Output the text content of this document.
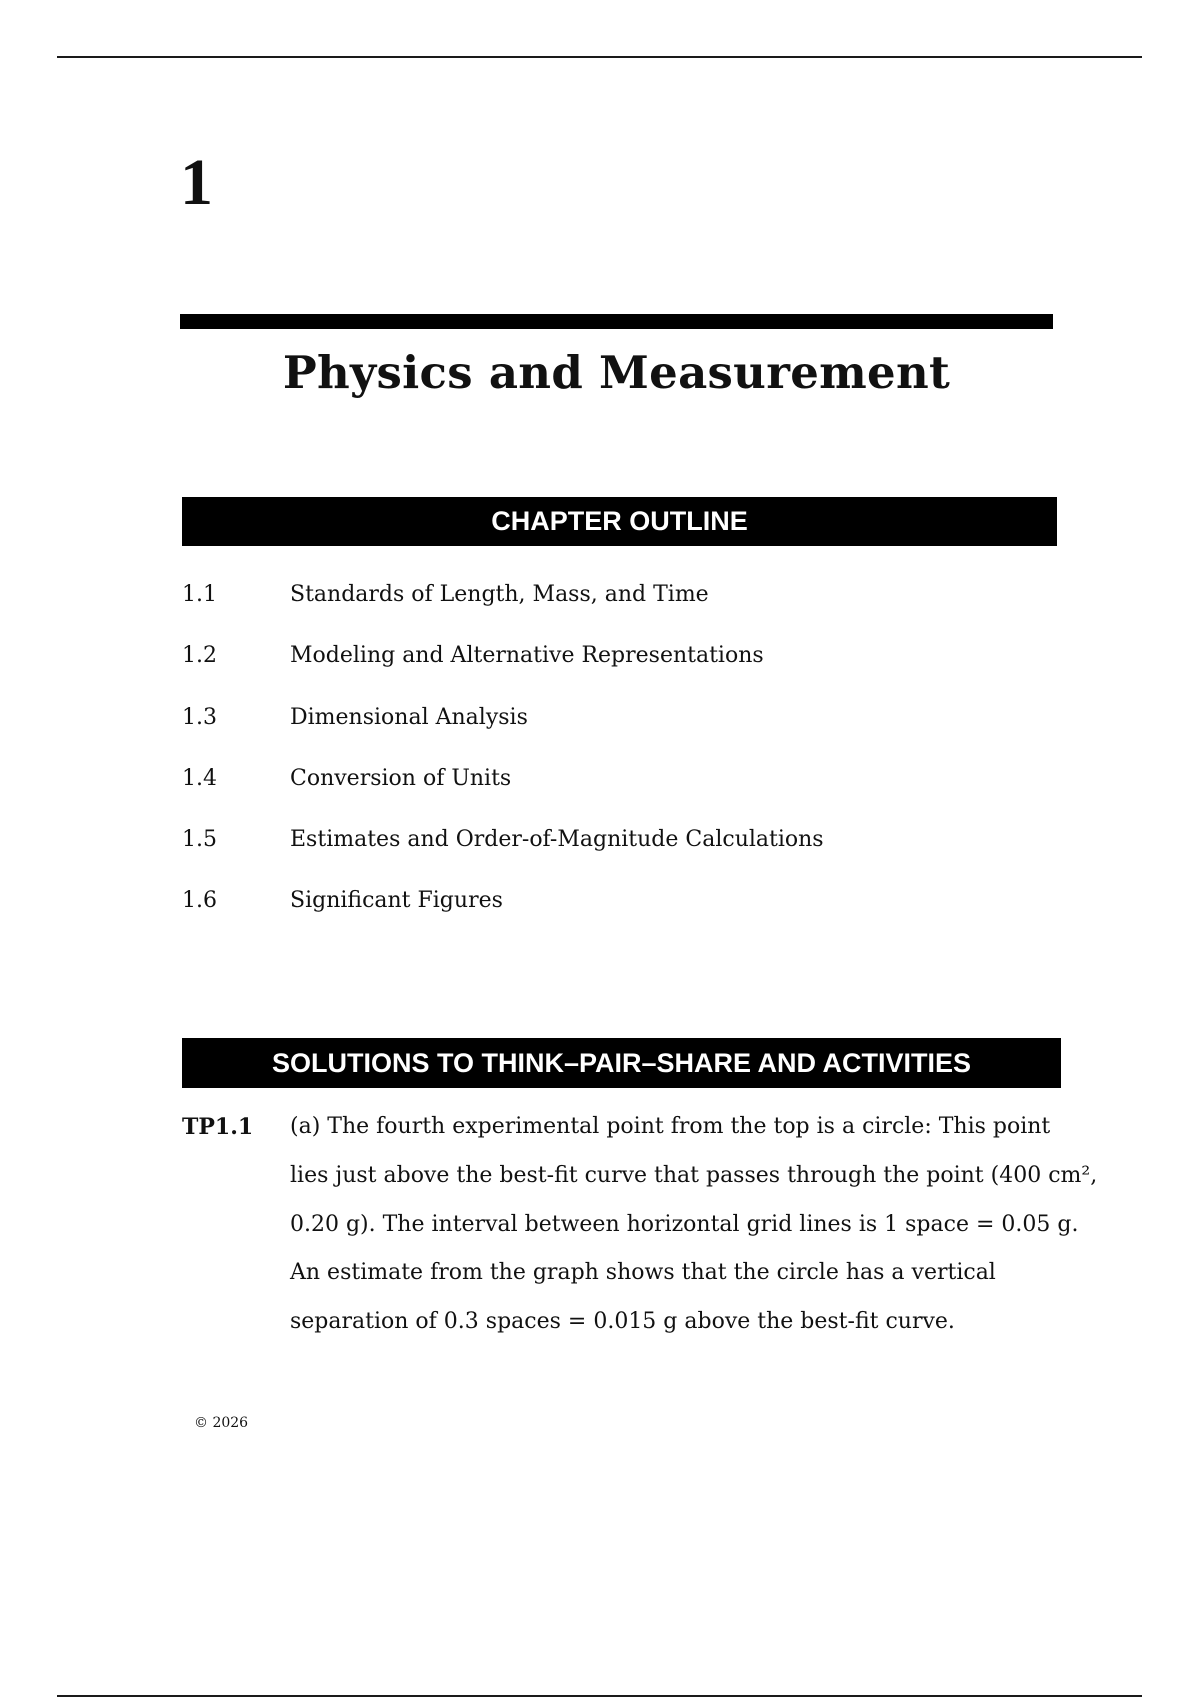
1
Physics and Measurement
CHAPTER OUTLINE
1.1	Standards of Length, Mass, and Time
1.2	Modeling and Alternative Representations
1.3	Dimensional Analysis
1.4	Conversion of Units
1.5	Estimates and Order-of-Magnitude Calculations
1.6	Significant Figures
SOLUTIONS TO THINK–PAIR–SHARE AND ACTIVITIES
TP1.1	(a) The fourth experimental point from the top is a circle: This point
lies just above the best-fit curve that passes through the point (400 cm²,
0.20 g). The interval between horizontal grid lines is 1 space = 0.05 g.
An estimate from the graph shows that the circle has a vertical
separation of 0.3 spaces = 0.015 g above the best-fit curve.
© 2026
